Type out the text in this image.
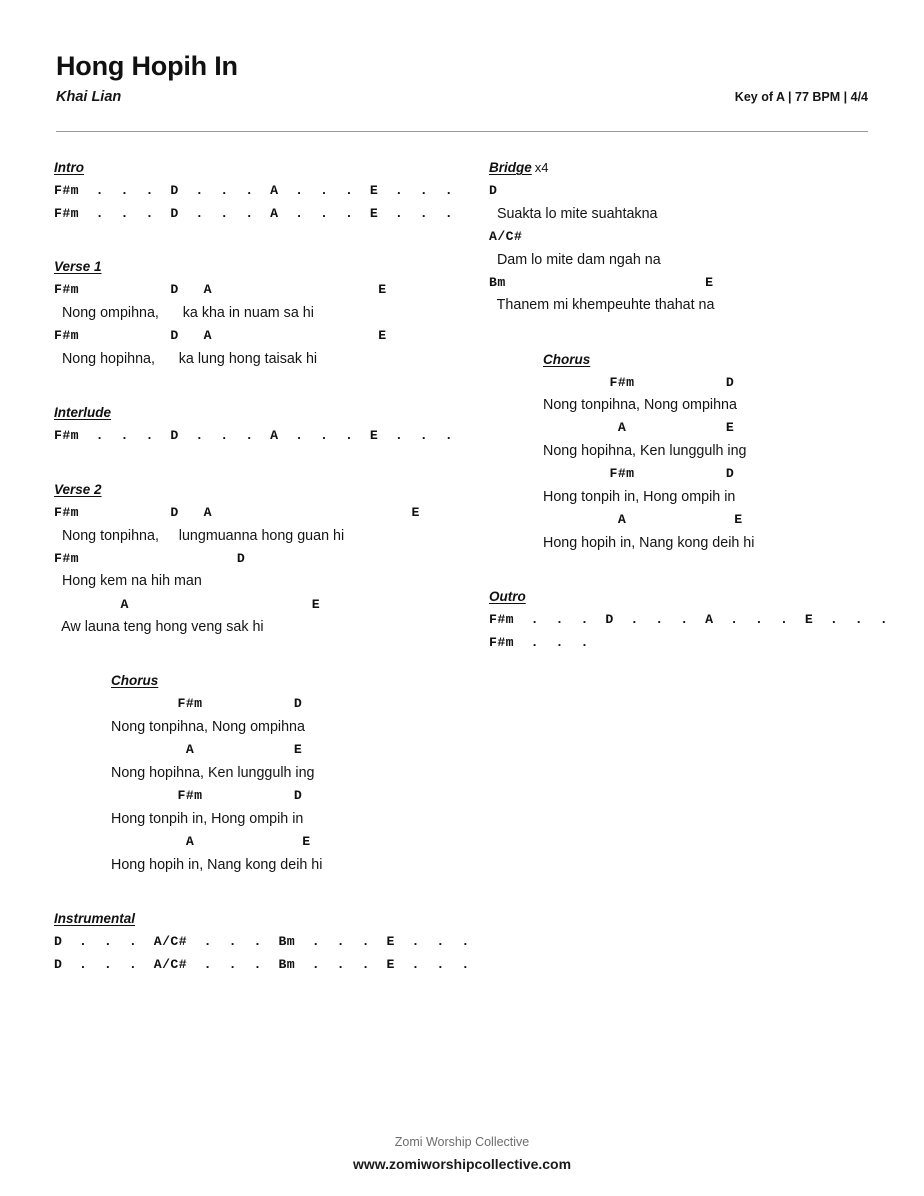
Hong Hopih In
Khai Lian	Key of A | 77 BPM | 4/4
Intro
F#m  .  .  .  D  .  .  .  A  .  .  .  E  .  .  .
F#m  .  .  .  D  .  .  .  A  .  .  .  E  .  .  .
Verse 1
F#m           D   A                    E
Nong ompihna,      ka kha in nuam sa hi
F#m           D   A                    E
Nong hopihna,      ka lung hong taisak hi
Interlude
F#m  .  .  .  D  .  .  .  A  .  .  .  E  .  .  .
Verse 2
F#m           D   A                        E
Nong tonpihna,     lungmuanna hong guan hi
F#m                   D
Hong kem na hih man
A                      E
Aw launa teng hong veng sak hi
Chorus
F#m           D
Nong tonpihna, Nong ompihna
A            E
Nong hopihna, Ken lunggulh ing
F#m           D
Hong tonpih in, Hong ompih in
A             E
Hong hopih in, Nang kong deih hi
Instrumental
D  .  .  .  A/C#  .  .  .  Bm  .  .  .  E  .  .  .
D  .  .  .  A/C#  .  .  .  Bm  .  .  .  E  .  .  .
Bridge x4
D
Suakta lo mite suahtakna
A/C#
Dam lo mite dam ngah na
Bm                        E
Thanem mi khempeuhte thahat na
Chorus
F#m           D
Nong tonpihna, Nong ompihna
A            E
Nong hopihna, Ken lunggulh ing
F#m           D
Hong tonpih in, Hong ompih in
A             E
Hong hopih in, Nang kong deih hi
Outro
F#m  .  .  .  D  .  .  .  A  .  .  .  E  .  .  .
F#m  .  .  .
Zomi Worship Collective
www.zomiworshipcollective.com
